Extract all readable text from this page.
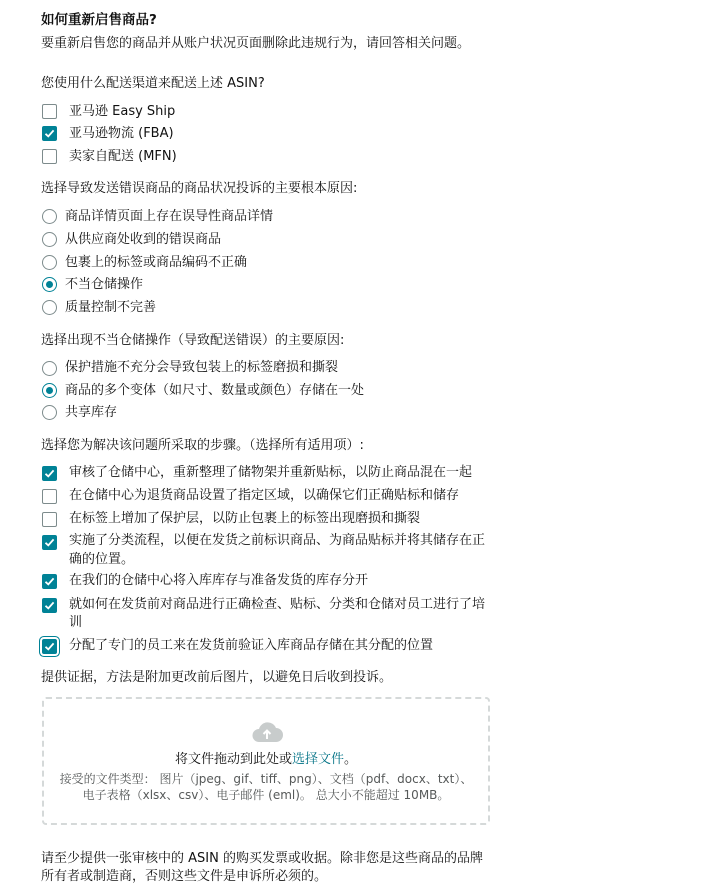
如何重新启售商品?
要重新启售您的商品并从账户状况页面删除此违规行为，请回答相关问题。
您使用什么配送渠道来配送上述 ASIN?
亚马逊 Easy Ship
亚马逊物流 (FBA)
卖家自配送 (MFN)
选择导致发送错误商品的商品状况投诉的主要根本原因:
商品详情页面上存在误导性商品详情
从供应商处收到的错误商品
包裹上的标签或商品编码不正确
不当仓储操作
质量控制不完善
选择出现不当仓储操作（导致配送错误）的主要原因:
保护措施不充分会导致包装上的标签磨损和撕裂
商品的多个变体（如尺寸、数量或颜色）存储在一处
共享库存
选择您为解决该问题所采取的步骤。（选择所有适用项）:
审核了仓储中心，重新整理了储物架并重新贴标，以防止商品混在一起
在仓储中心为退货商品设置了指定区域，以确保它们正确贴标和储存
在标签上增加了保护层，以防止包裹上的标签出现磨损和撕裂
实施了分类流程，以便在发货之前标识商品、为商品贴标并将其储存在正
确的位置。
在我们的仓储中心将入库库存与准备发货的库存分开
就如何在发货前对商品进行正确检查、贴标、分类和仓储对员工进行了培
训
分配了专门的员工来在发货前验证入库商品存储在其分配的位置
提供证据，方法是附加更改前后图片，以避免日后收到投诉。
将文件拖动到此处或选择文件。
接受的文件类型： 图片（jpeg、gif、tiff、png）、文档（pdf、docx、txt）、
电子表格（xlsx、csv）、电子邮件 (eml)。 总大小不能超过 10MB。
请至少提供一张审核中的 ASIN 的购买发票或收据。除非您是这些商品的品牌
所有者或制造商，否则这些文件是申诉所必须的。
